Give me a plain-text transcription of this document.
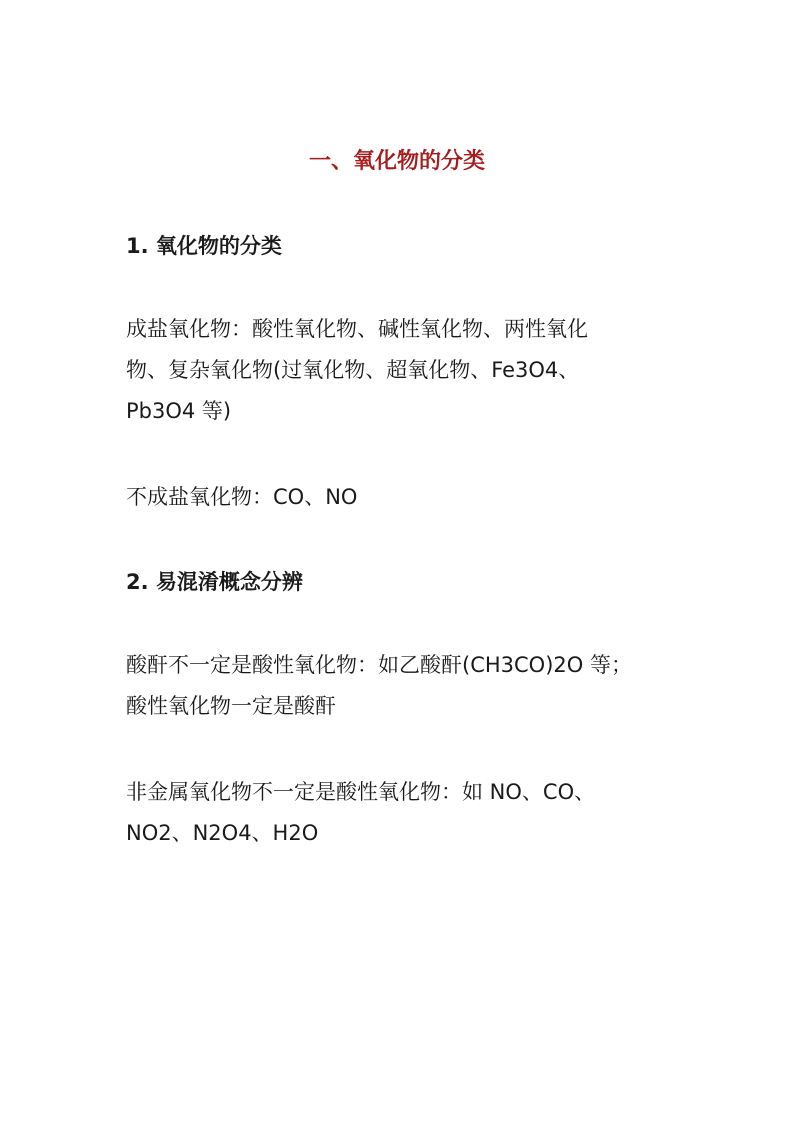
一、氧化物的分类
1. 氧化物的分类

成盐氧化物：酸性氧化物、碱性氧化物、两性氧化
物、复杂氧化物(过氧化物、超氧化物、Fe3O4、
Pb3O4 等)

不成盐氧化物：CO、NO

2. 易混淆概念分辨

酸酐不一定是酸性氧化物：如乙酸酐(CH3CO)2O 等；
酸性氧化物一定是酸酐

非金属氧化物不一定是酸性氧化物：如 NO、CO、
NO2、N2O4、H2O
